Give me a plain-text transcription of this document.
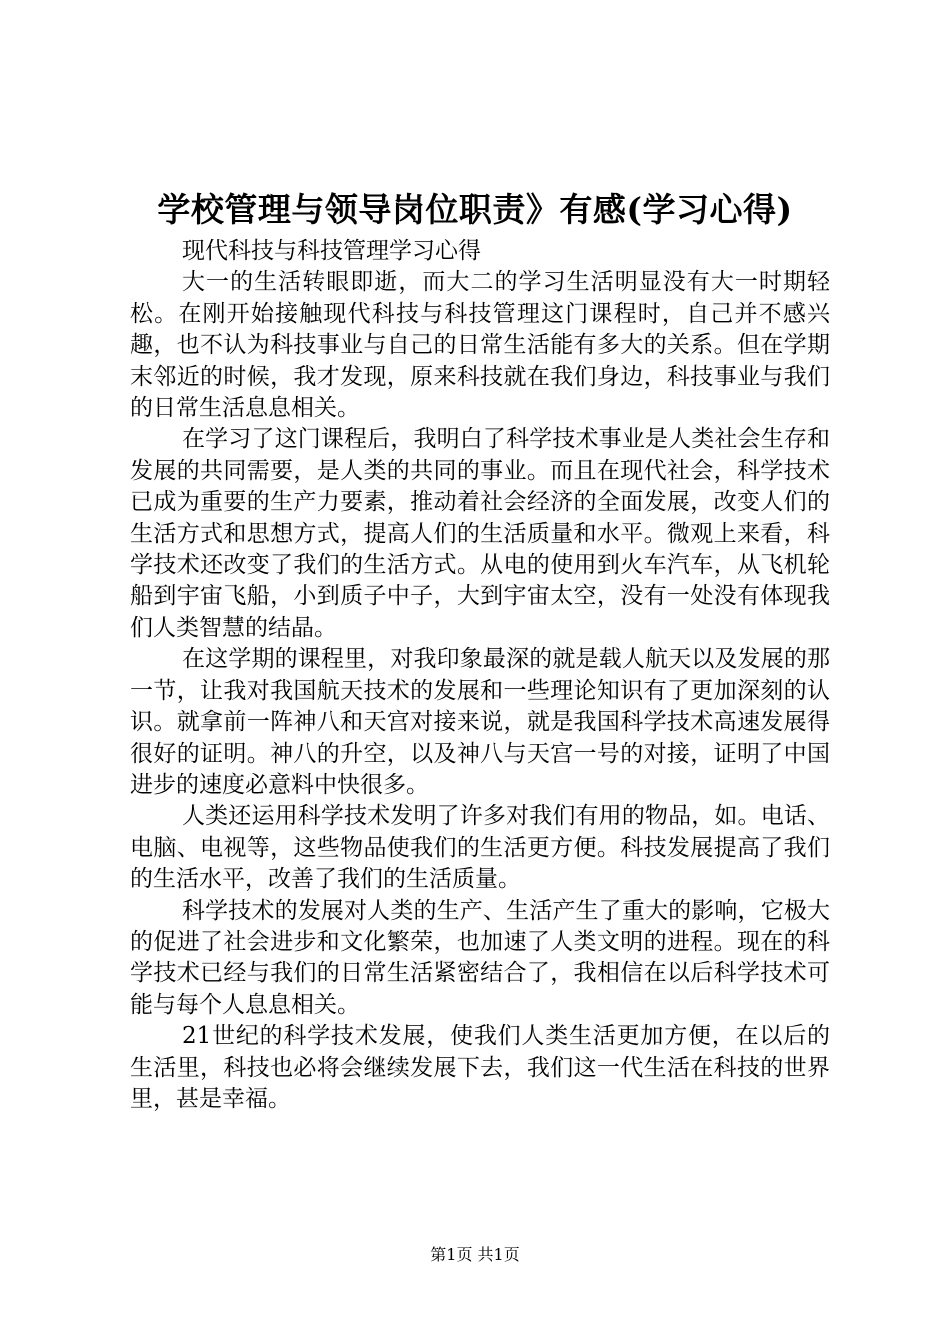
学校管理与领导岗位职责》有感(学习心得)

现代科技与科技管理学习心得

大一的生活转眼即逝，而大二的学习生活明显没有大一时期轻松。在刚开始接触现代科技与科技管理这门课程时，自己并不感兴趣，也不认为科技事业与自己的日常生活能有多大的关系。但在学期末邻近的时候，我才发现，原来科技就在我们身边，科技事业与我们的日常生活息息相关。

在学习了这门课程后，我明白了科学技术事业是人类社会生存和发展的共同需要，是人类的共同的事业。而且在现代社会，科学技术已成为重要的生产力要素，推动着社会经济的全面发展，改变人们的生活方式和思想方式，提高人们的生活质量和水平。微观上来看，科学技术还改变了我们的生活方式。从电的使用到火车汽车，从飞机轮船到宇宙飞船，小到质子中子，大到宇宙太空，没有一处没有体现我们人类智慧的结晶。

在这学期的课程里，对我印象最深的就是载人航天以及发展的那一节，让我对我国航天技术的发展和一些理论知识有了更加深刻的认识。就拿前一阵神八和天宫对接来说，就是我国科学技术高速发展得很好的证明。神八的升空，以及神八与天宫一号的对接，证明了中国进步的速度必意料中快很多。

人类还运用科学技术发明了许多对我们有用的物品，如。电话、电脑、电视等，这些物品使我们的生活更方便。科技发展提高了我们的生活水平，改善了我们的生活质量。

科学技术的发展对人类的生产、生活产生了重大的影响，它极大的促进了社会进步和文化繁荣，也加速了人类文明的进程。现在的科学技术已经与我们的日常生活紧密结合了，我相信在以后科学技术可能与每个人息息相关。

21世纪的科学技术发展，使我们人类生活更加方便，在以后的生活里，科技也必将会继续发展下去，我们这一代生活在科技的世界里，甚是幸福。

第1页 共1页
